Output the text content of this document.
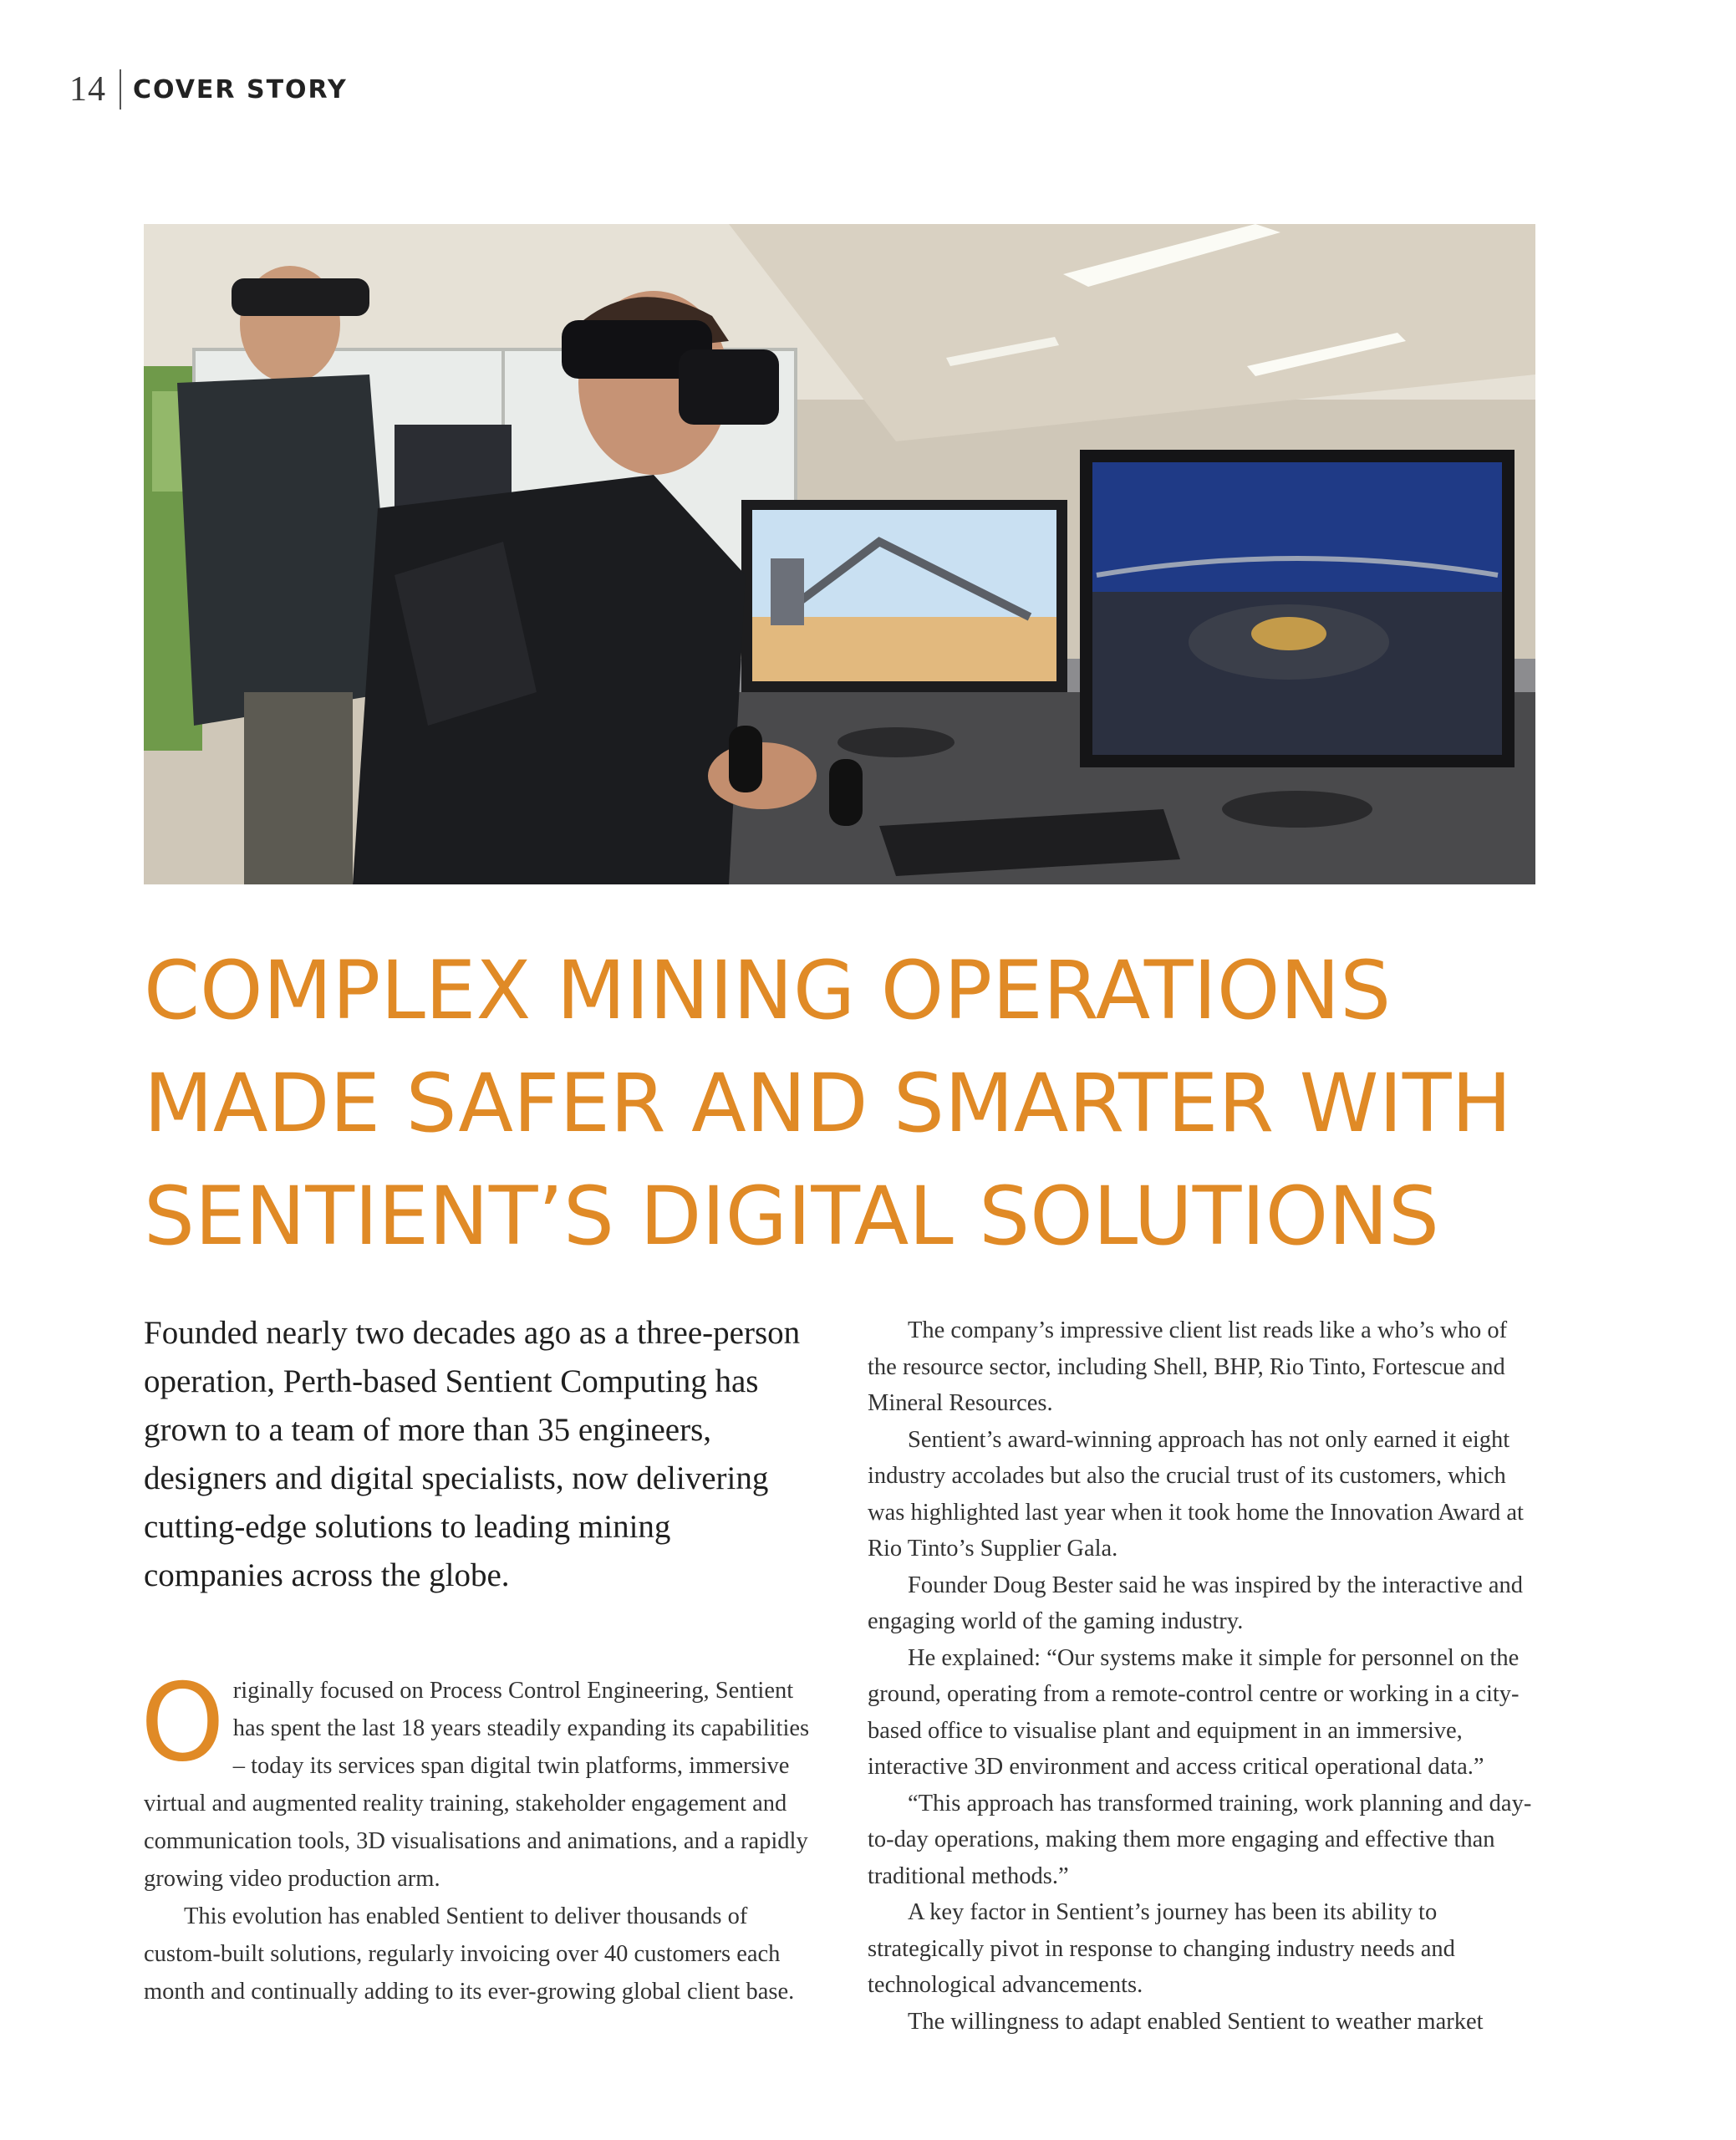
14 COVER STORY
COMPLEX MINING OPERATIONS
MADE SAFER AND SMARTER WITH
SENTIENT’S DIGITAL SOLUTIONS

Founded nearly two decades ago as a three-person operation, Perth-based Sentient Computing has grown to a team of more than 35 engineers, designers and digital specialists, now delivering cutting-edge solutions to leading mining companies across the globe.

Originally focused on Process Control Engineering, Sentient has spent the last 18 years steadily expanding its capabilities – today its services span digital twin platforms, immersive virtual and augmented reality training, stakeholder engagement and communication tools, 3D visualisations and animations, and a rapidly growing video production arm.

This evolution has enabled Sentient to deliver thousands of custom-built solutions, regularly invoicing over 40 customers each month and continually adding to its ever-growing global client base.

The company’s impressive client list reads like a who’s who of the resource sector, including Shell, BHP, Rio Tinto, Fortescue and Mineral Resources.

Sentient’s award-winning approach has not only earned it eight industry accolades but also the crucial trust of its customers, which was highlighted last year when it took home the Innovation Award at Rio Tinto’s Supplier Gala.

Founder Doug Bester said he was inspired by the interactive and engaging world of the gaming industry.

He explained: “Our systems make it simple for personnel on the ground, operating from a remote-control centre or working in a city-based office to visualise plant and equipment in an immersive, interactive 3D environment and access critical operational data.”

“This approach has transformed training, work planning and day-to-day operations, making them more engaging and effective than traditional methods.”

A key factor in Sentient’s journey has been its ability to strategically pivot in response to changing industry needs and technological advancements.

The willingness to adapt enabled Sentient to weather market
